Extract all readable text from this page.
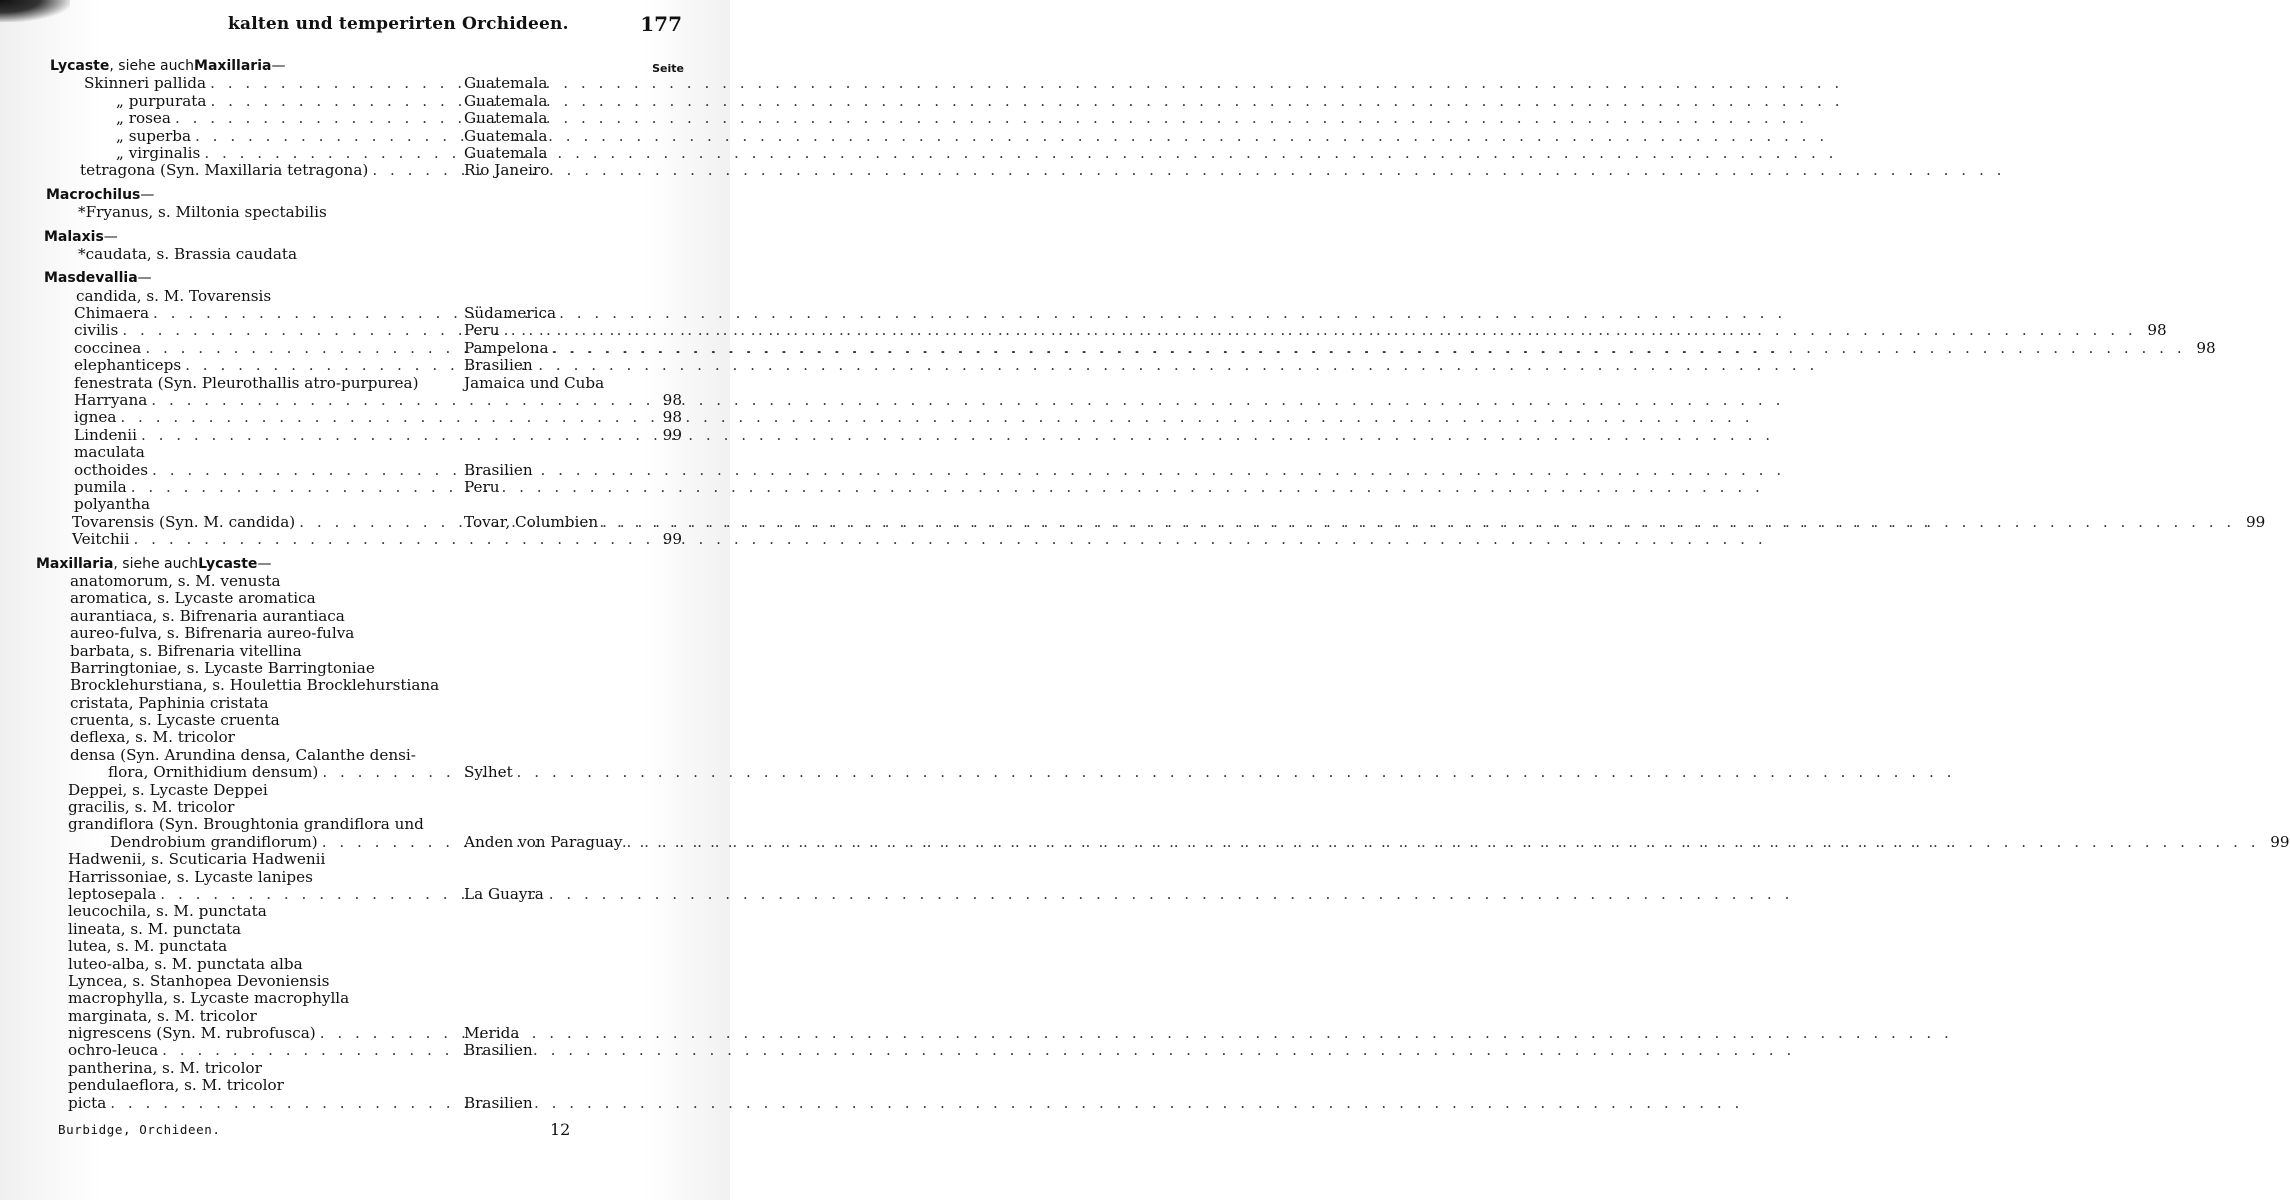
kalten und temperirten Orchideen.	177
Seite
Lycaste , siehe auch Maxillaria —
Skinneri pallida . . .	Guatemala
„ purpurata . . .	Guatemala
„ rosea . . .	Guatemala
„ superba . . .	Guatemala
„ virginalis . . .	Guatemala
tetragona (Syn. Maxillaria tetragona) . . .	Rio Janeiro
Macrochilus —
*Fryanus, s. Miltonia spectabilis
Malaxis —
*caudata, s. Brassia caudata
Masdevallia —
candida, s. M. Tovarensis
Chimaera . . .	Südamerica
civilis . . .	Peru . . .	98
coccinea . . .	Pampelona . . .	98
elephanticeps . . .	Brasilien
fenestrata (Syn. Pleurothallis atro-purpurea)	Jamaica und Cuba
Harryana . . .	98
ignea . . .	98
Lindenii . . .	99
maculata
octhoides . . .	Brasilien
pumila . . .	Peru
polyantha
Tovarensis (Syn. M. candida) . . .	Tovar, Columbien . . .	99
Veitchii . . .	99
Maxillaria , siehe auch Lycaste —
anatomorum, s. M. venusta
aromatica, s. Lycaste aromatica
aurantiaca, s. Bifrenaria aurantiaca
aureo-fulva, s. Bifrenaria aureo-fulva
barbata, s. Bifrenaria vitellina
Barringtoniae, s. Lycaste Barringtoniae
Brocklehurstiana, s. Houlettia Brocklehurstiana
cristata, Paphinia cristata
cruenta, s. Lycaste cruenta
deflexa, s. M. tricolor
densa (Syn. Arundina densa, Calanthe densi-
flora, Ornithidium densum) . . .	Sylhet
Deppei, s. Lycaste Deppei
gracilis, s. M. tricolor
grandiflora (Syn. Broughtonia grandiflora und
Dendrobium grandiflorum) . . .	Anden von Paraguay . . .	99
Hadwenii, s. Scuticaria Hadwenii
Harrissoniae, s. Lycaste lanipes
leptosepala . . .	La Guayra
leucochila, s. M. punctata
lineata, s. M. punctata
lutea, s. M. punctata
luteo-alba, s. M. punctata alba
Lyncea, s. Stanhopea Devoniensis
macrophylla, s. Lycaste macrophylla
marginata, s. M. tricolor
nigrescens (Syn. M. rubrofusca) . . .	Merida
ochro-leuca . . .	Brasilien
pantherina, s. M. tricolor
pendulaeflora, s. M. tricolor
picta . . .	Brasilien
Burbidge, Orchideen.	12
